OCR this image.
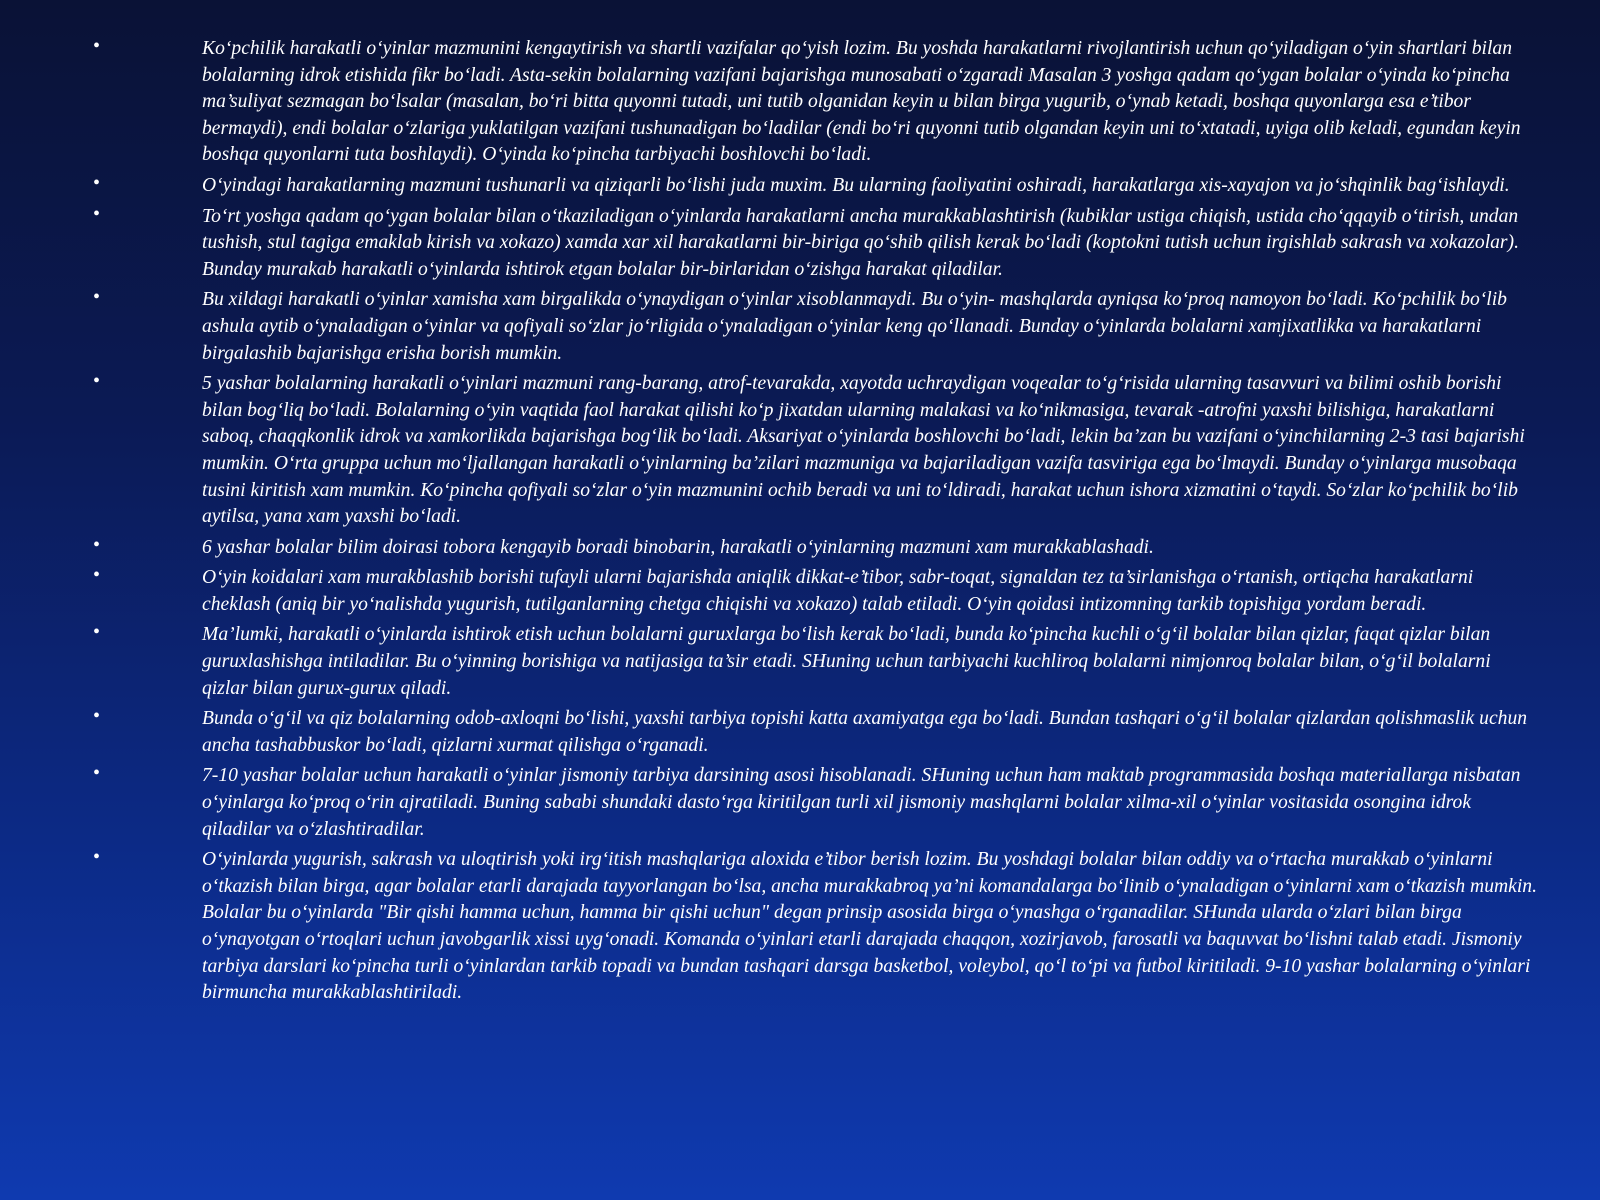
•	Ko‘pchilik harakatli o‘yinlar mazmunini kengaytirish va shartli vazifalar qo‘yish lozim. Bu yoshda harakatlarni rivojlantirish uchun qo‘yiladigan o‘yin shartlari bilan bolalarning idrok etishida fikr bo‘ladi. Asta-sekin bolalarning vazifani bajarishga munosabati o‘zgaradi Masalan 3 yoshga qadam qo‘ygan bolalar o‘yinda ko‘pincha ma’suliyat sezmagan bo‘lsalar (masalan, bo‘ri bitta quyonni tutadi, uni tutib olganidan keyin u bilan birga yugurib, o‘ynab ketadi, boshqa quyonlarga esa e’tibor bermaydi), endi bolalar o‘zlariga yuklatilgan vazifani tushunadigan bo‘ladilar (endi bo‘ri quyonni tutib olgandan keyin uni to‘xtatadi, uyiga olib keladi, egundan keyin boshqa quyonlarni tuta boshlaydi). O‘yinda ko‘pincha tarbiyachi boshlovchi bo‘ladi.
•	O‘yindagi harakatlarning mazmuni tushunarli va qiziqarli bo‘lishi juda muxim. Bu ularning faoliyatini oshiradi, harakatlarga xis-xayajon va jo‘shqinlik bag‘ishlaydi.
•	To‘rt yoshga qadam qo‘ygan bolalar bilan o‘tkaziladigan o‘yinlarda harakatlarni ancha murakkablashtirish (kubiklar ustiga chiqish, ustida cho‘qqayib o‘tirish, undan tushish, stul tagiga emaklab kirish va xokazo) xamda xar xil harakatlarni bir-biriga qo‘shib qilish kerak bo‘ladi (koptokni tutish uchun irgishlab sakrash va xokazolar). Bunday murakab harakatli o‘yinlarda ishtirok etgan bolalar bir-birlaridan o‘zishga harakat qiladilar.
•	Bu xildagi harakatli o‘yinlar xamisha xam birgalikda o‘ynaydigan o‘yinlar xisoblanmaydi. Bu o‘yin- mashqlarda ayniqsa ko‘proq namoyon bo‘ladi. Ko‘pchilik bo‘lib ashula aytib o‘ynaladigan o‘yinlar va qofiyali so‘zlar jo‘rligida o‘ynaladigan o‘yinlar keng qo‘llanadi. Bunday o‘yinlarda bolalarni xamjixatlikka va harakatlarni birgalashib bajarishga erisha borish mumkin.
•	5 yashar bolalarning harakatli o‘yinlari mazmuni rang-barang, atrof-tevarakda, xayotda uchraydigan voqealar to‘g‘risida ularning tasavvuri va bilimi oshib borishi bilan bog‘liq bo‘ladi. Bolalarning o‘yin vaqtida faol harakat qilishi ko‘p jixatdan ularning malakasi va ko‘nikmasiga, tevarak -atrofni yaxshi bilishiga, harakatlarni saboq, chaqqkonlik idrok va xamkorlikda bajarishga bog‘lik bo‘ladi. Aksariyat o‘yinlarda boshlovchi bo‘ladi, lekin ba’zan bu vazifani o‘yinchilarning 2-3 tasi bajarishi mumkin. O‘rta gruppa uchun mo‘ljallangan harakatli o‘yinlarning ba’zilari mazmuniga va bajariladigan vazifa tasviriga ega bo‘lmaydi. Bunday o‘yinlarga musobaqa tusini kiritish xam mumkin. Ko‘pincha qofiyali so‘zlar o‘yin mazmunini ochib beradi va uni to‘ldiradi, harakat uchun ishora xizmatini o‘taydi. So‘zlar ko‘pchilik bo‘lib aytilsa, yana xam yaxshi bo‘ladi.
•	6 yashar bolalar bilim doirasi tobora kengayib boradi binobarin, harakatli o‘yinlarning mazmuni xam murakkablashadi.
•	O‘yin koidalari xam murakblashib borishi tufayli ularni bajarishda aniqlik dikkat-e’tibor, sabr-toqat, signaldan tez ta’sirlanishga o‘rtanish, ortiqcha harakatlarni cheklash (aniq bir yo‘nalishda yugurish, tutilganlarning chetga chiqishi va xokazo) talab etiladi. O‘yin qoidasi intizomning tarkib topishiga yordam beradi.
•	Ma’lumki, harakatli o‘yinlarda ishtirok etish uchun bolalarni guruxlarga bo‘lish kerak bo‘ladi, bunda ko‘pincha kuchli o‘g‘il bolalar bilan qizlar, faqat qizlar bilan guruxlashishga intiladilar. Bu o‘yinning borishiga va natijasiga ta’sir etadi. SHuning uchun tarbiyachi kuchliroq bolalarni nimjonroq bolalar bilan, o‘g‘il bolalarni qizlar bilan gurux-gurux qiladi.
•	Bunda o‘g‘il va qiz bolalarning odob-axloqni bo‘lishi, yaxshi tarbiya topishi katta axamiyatga ega bo‘ladi. Bundan tashqari o‘g‘il bolalar qizlardan qolishmaslik uchun ancha tashabbuskor bo‘ladi, qizlarni xurmat qilishga o‘rganadi.
•	7-10 yashar bolalar uchun harakatli o‘yinlar jismoniy tarbiya darsining asosi hisoblanadi. SHuning uchun ham maktab programmasida boshqa materiallarga nisbatan o‘yinlarga ko‘proq o‘rin ajratiladi. Buning sababi shundaki dasto‘rga kiritilgan turli xil jismoniy mashqlarni bolalar xilma-xil o‘yinlar vositasida osongina idrok qiladilar va o‘zlashtiradilar.
•	O‘yinlarda yugurish, sakrash va uloqtirish yoki irg‘itish mashqlariga aloxida e’tibor berish lozim. Bu yoshdagi bolalar bilan oddiy va o‘rtacha murakkab o‘yinlarni o‘tkazish bilan birga, agar bolalar etarli darajada tayyorlangan bo‘lsa, ancha murakkabroq ya’ni komandalarga bo‘linib o‘ynaladigan o‘yinlarni xam o‘tkazish mumkin. Bolalar bu o‘yinlarda "Bir qishi hamma uchun, hamma bir qishi uchun" degan prinsip asosida birga o‘ynashga o‘rganadilar. SHunda ularda o‘zlari bilan birga o‘ynayotgan o‘rtoqlari uchun javobgarlik xissi uyg‘onadi. Komanda o‘yinlari etarli darajada chaqqon, xozirjavob, farosatli va baquvvat bo‘lishni talab etadi. Jismoniy tarbiya darslari ko‘pincha turli o‘yinlardan tarkib topadi va bundan tashqari darsga basketbol, voleybol, qo‘l to‘pi va futbol kiritiladi. 9-10 yashar bolalarning o‘yinlari birmuncha murakkablashtiriladi.
